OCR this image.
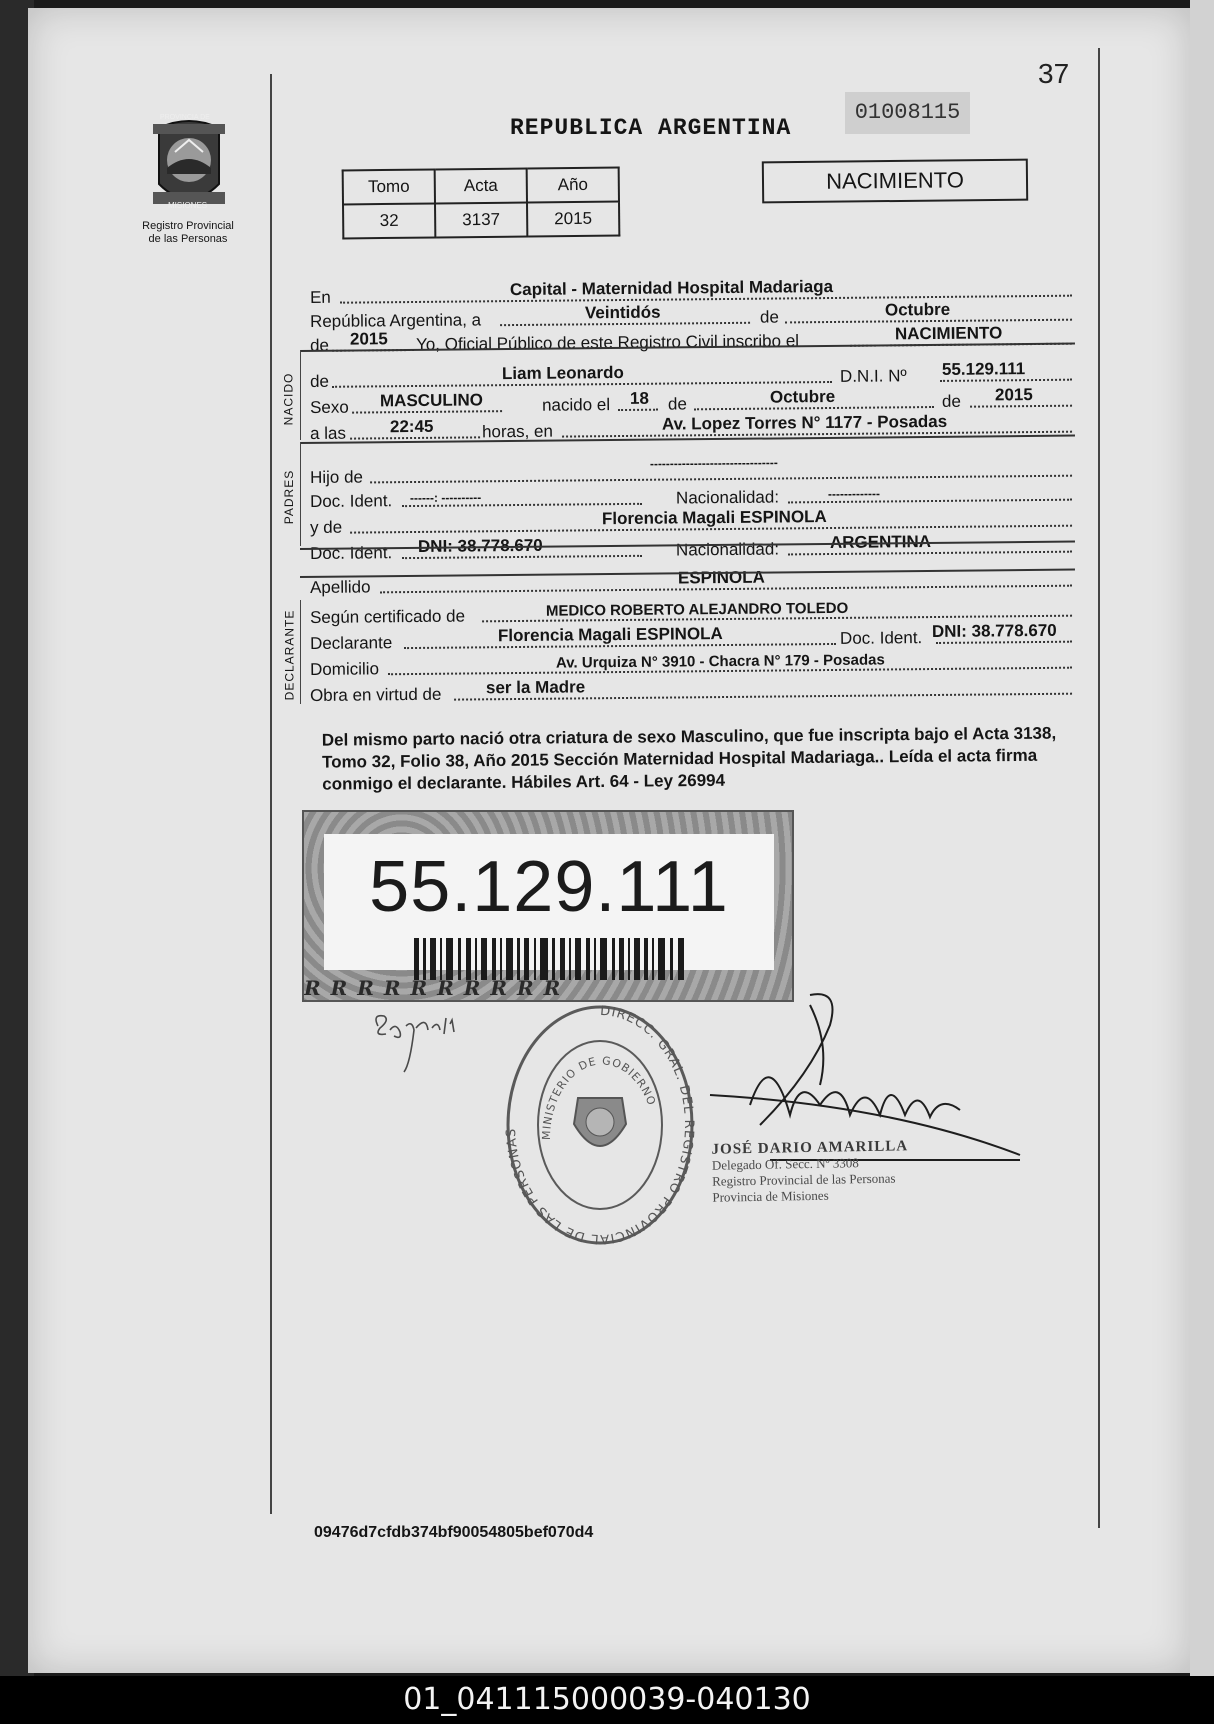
37
PROVINCIA DE
MISIONES
Registro Provincial
de las Personas
REPUBLICA ARGENTINA
01008115
Tomo	Acta	Año
32	3137	2015
NACIMIENTO
En	Capital - Maternidad Hospital Madariaga
República Argentina, a	Veintidós	de	Octubre
de 2015 Yo, Oficial Público de este Registro Civil inscribo el	NACIMIENTO
NACIDO de	Liam Leonardo	D.N.I. Nº 55.129.111
Sexo MASCULINO	nacido el 18 de	Octubre	de 2015
a las	22:45	horas, en	Av. Lopez Torres N° 1177 - Posadas
PADRES Hijo de
--------------------------------
Doc. Ident. ------: ----------	Nacionalidad:	-------------
y de	Florencia Magali ESPINOLA
Doc. Ident. DNI: 38.778.670	Nacionalidad:	ARGENTINA
Apellido	ESPINOLA
DECLARANTE Según certificado de	MEDICO ROBERTO ALEJANDRO TOLEDO
Declarante	Florencia Magali ESPINOLA	Doc. Ident. DNI: 38.778.670
Domicilio	Av. Urquiza N° 3910 - Chacra N° 179 - Posadas
Obra en virtud de	ser la Madre
Del mismo parto nació otra criatura de sexo Masculino, que fue inscripta bajo el Acta 3138, Tomo 32, Folio 38, Año 2015 Sección Maternidad Hospital Madariaga.. Leída el acta firma conmigo el declarante. Hábiles Art. 64 - Ley 26994
55.129.111
RRRRRRRRRR
Espinf M
DIRECC. GRAL. DEL REGISTRO PROVINCIAL DE LAS PERSONAS	MINISTERIO DE GOBIERNO
JOSÉ DARIO AMARILLA
Delegado Of. Secc. Nº 3308
Registro Provincial de las Personas
Provincia de Misiones
09476d7cfdb374bf90054805bef070d4
01_041115000039-040130
